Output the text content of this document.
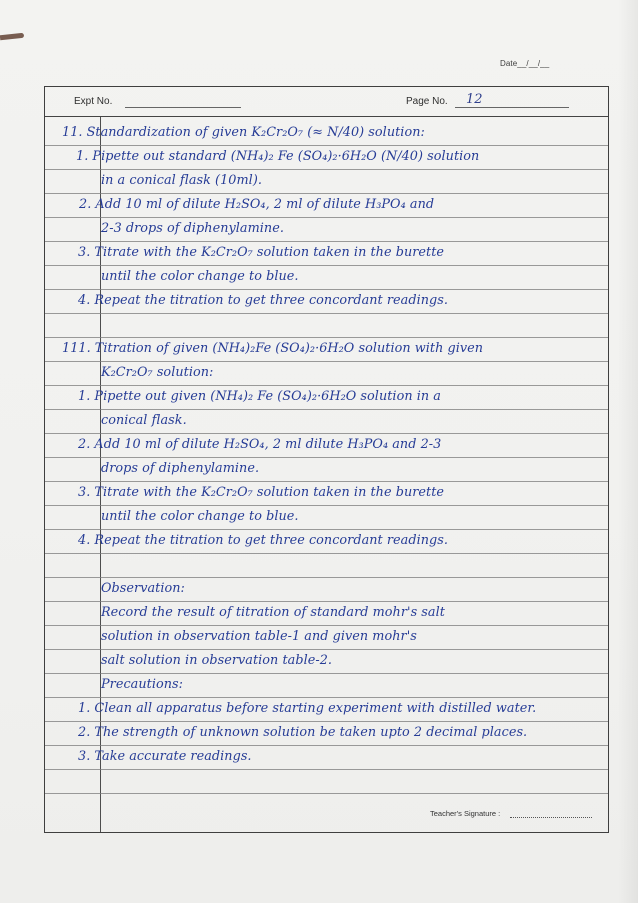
Date__/__/__
Expt No.	Page No. 12
11. Standardization of given K₂Cr₂O₇ (≈ N/40) solution:
1. Pipette out standard (NH₄)₂ Fe (SO₄)₂·6H₂O (N/40) solution
in a conical flask (10ml).
2. Add 10 ml of dilute H₂SO₄, 2 ml of dilute H₃PO₄ and
2-3 drops of diphenylamine.
3. Titrate with the K₂Cr₂O₇ solution taken in the burette
until the color change to blue.
4. Repeat the titration to get three concordant readings.
111. Titration of given (NH₄)₂Fe (SO₄)₂·6H₂O solution with given
K₂Cr₂O₇ solution:
1. Pipette out given (NH₄)₂ Fe (SO₄)₂·6H₂O solution in a
conical flask.
2. Add 10 ml of dilute H₂SO₄, 2 ml dilute H₃PO₄ and 2-3
drops of diphenylamine.
3. Titrate with the K₂Cr₂O₇ solution taken in the burette
until the color change to blue.
4. Repeat the titration to get three concordant readings.
Observation:
Record the result of titration of standard mohr's salt
solution in observation table-1 and given mohr's
salt solution in observation table-2.
Precautions:
1. Clean all apparatus before starting experiment with distilled water.
2. The strength of unknown solution be taken upto 2 decimal places.
3. Take accurate readings.
Teacher's Signature :
